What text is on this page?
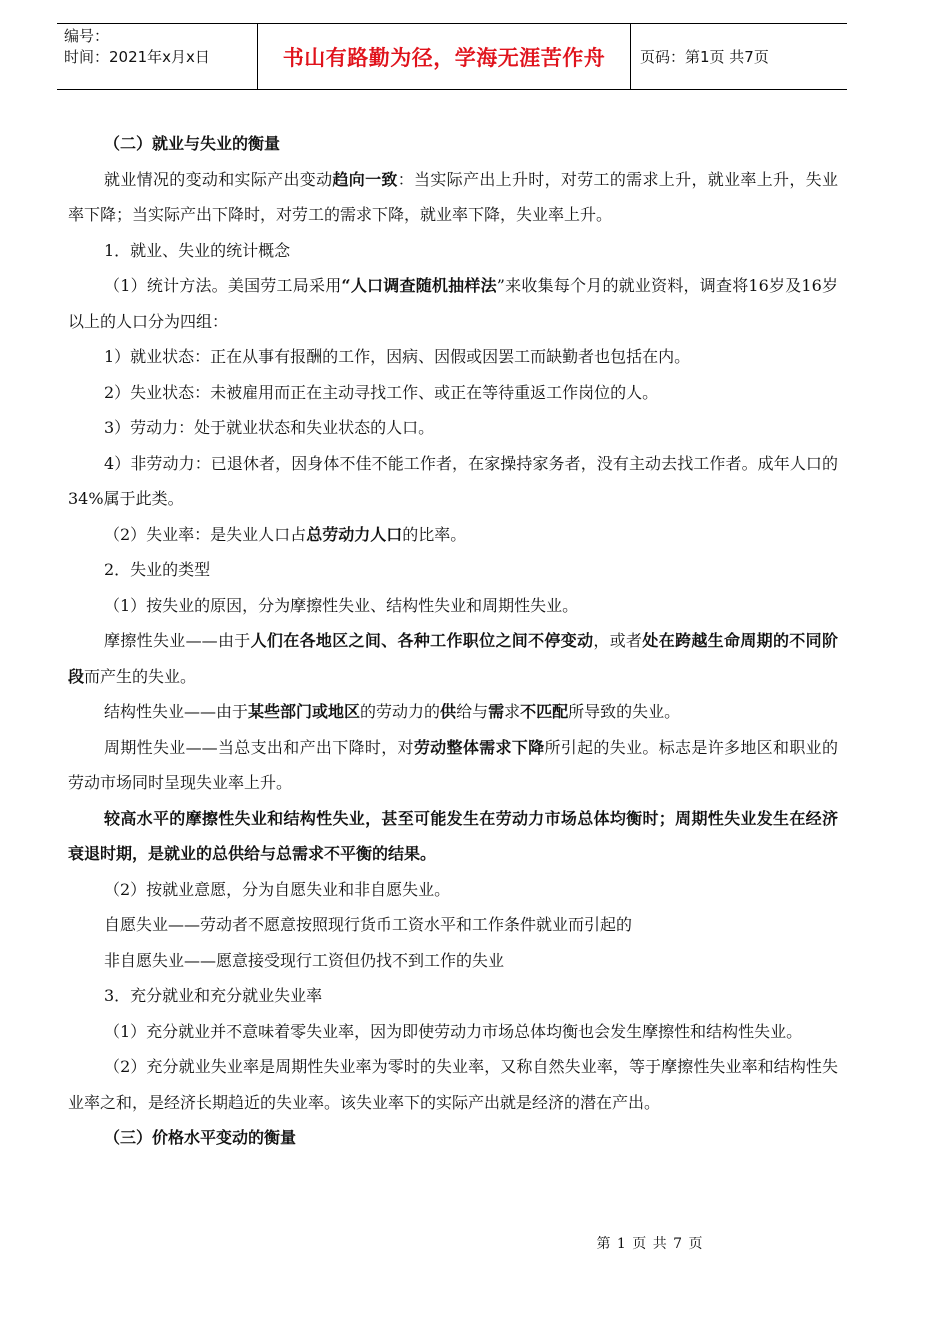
编号：
时间：2021年x月x日	书山有路勤为径，学海无涯苦作舟	页码：第1页 共7页

（二）就业与失业的衡量

就业情况的变动和实际产出变动趋向一致：当实际产出上升时，对劳工的需求上升，就业率上升，失业率下降；当实际产出下降时，对劳工的需求下降，就业率下降，失业率上升。

1．就业、失业的统计概念

（1）统计方法。美国劳工局采用“人口调查随机抽样法”来收集每个月的就业资料，调查将16岁及16岁以上的人口分为四组：

1）就业状态：正在从事有报酬的工作，因病、因假或因罢工而缺勤者也包括在内。

2）失业状态：未被雇用而正在主动寻找工作、或正在等待重返工作岗位的人。

3）劳动力：处于就业状态和失业状态的人口。

4）非劳动力：已退休者，因身体不佳不能工作者，在家操持家务者，没有主动去找工作者。成年人口的34%属于此类。

（2）失业率：是失业人口占总劳动力人口的比率。

2．失业的类型

（1）按失业的原因，分为摩擦性失业、结构性失业和周期性失业。

摩擦性失业——由于人们在各地区之间、各种工作职位之间不停变动，或者处在跨越生命周期的不同阶段而产生的失业。

结构性失业——由于某些部门或地区的劳动力的供给与需求不匹配所导致的失业。

周期性失业——当总支出和产出下降时，对劳动整体需求下降所引起的失业。标志是许多地区和职业的劳动市场同时呈现失业率上升。

较高水平的摩擦性失业和结构性失业，甚至可能发生在劳动力市场总体均衡时；周期性失业发生在经济衰退时期，是就业的总供给与总需求不平衡的结果。

（2）按就业意愿，分为自愿失业和非自愿失业。

自愿失业——劳动者不愿意按照现行货币工资水平和工作条件就业而引起的

非自愿失业——愿意接受现行工资但仍找不到工作的失业

3．充分就业和充分就业失业率

（1）充分就业并不意味着零失业率，因为即使劳动力市场总体均衡也会发生摩擦性和结构性失业。

（2）充分就业失业率是周期性失业率为零时的失业率，又称自然失业率，等于摩擦性失业率和结构性失业率之和，是经济长期趋近的失业率。该失业率下的实际产出就是经济的潜在产出。

（三）价格水平变动的衡量

第 1 页 共 7 页
